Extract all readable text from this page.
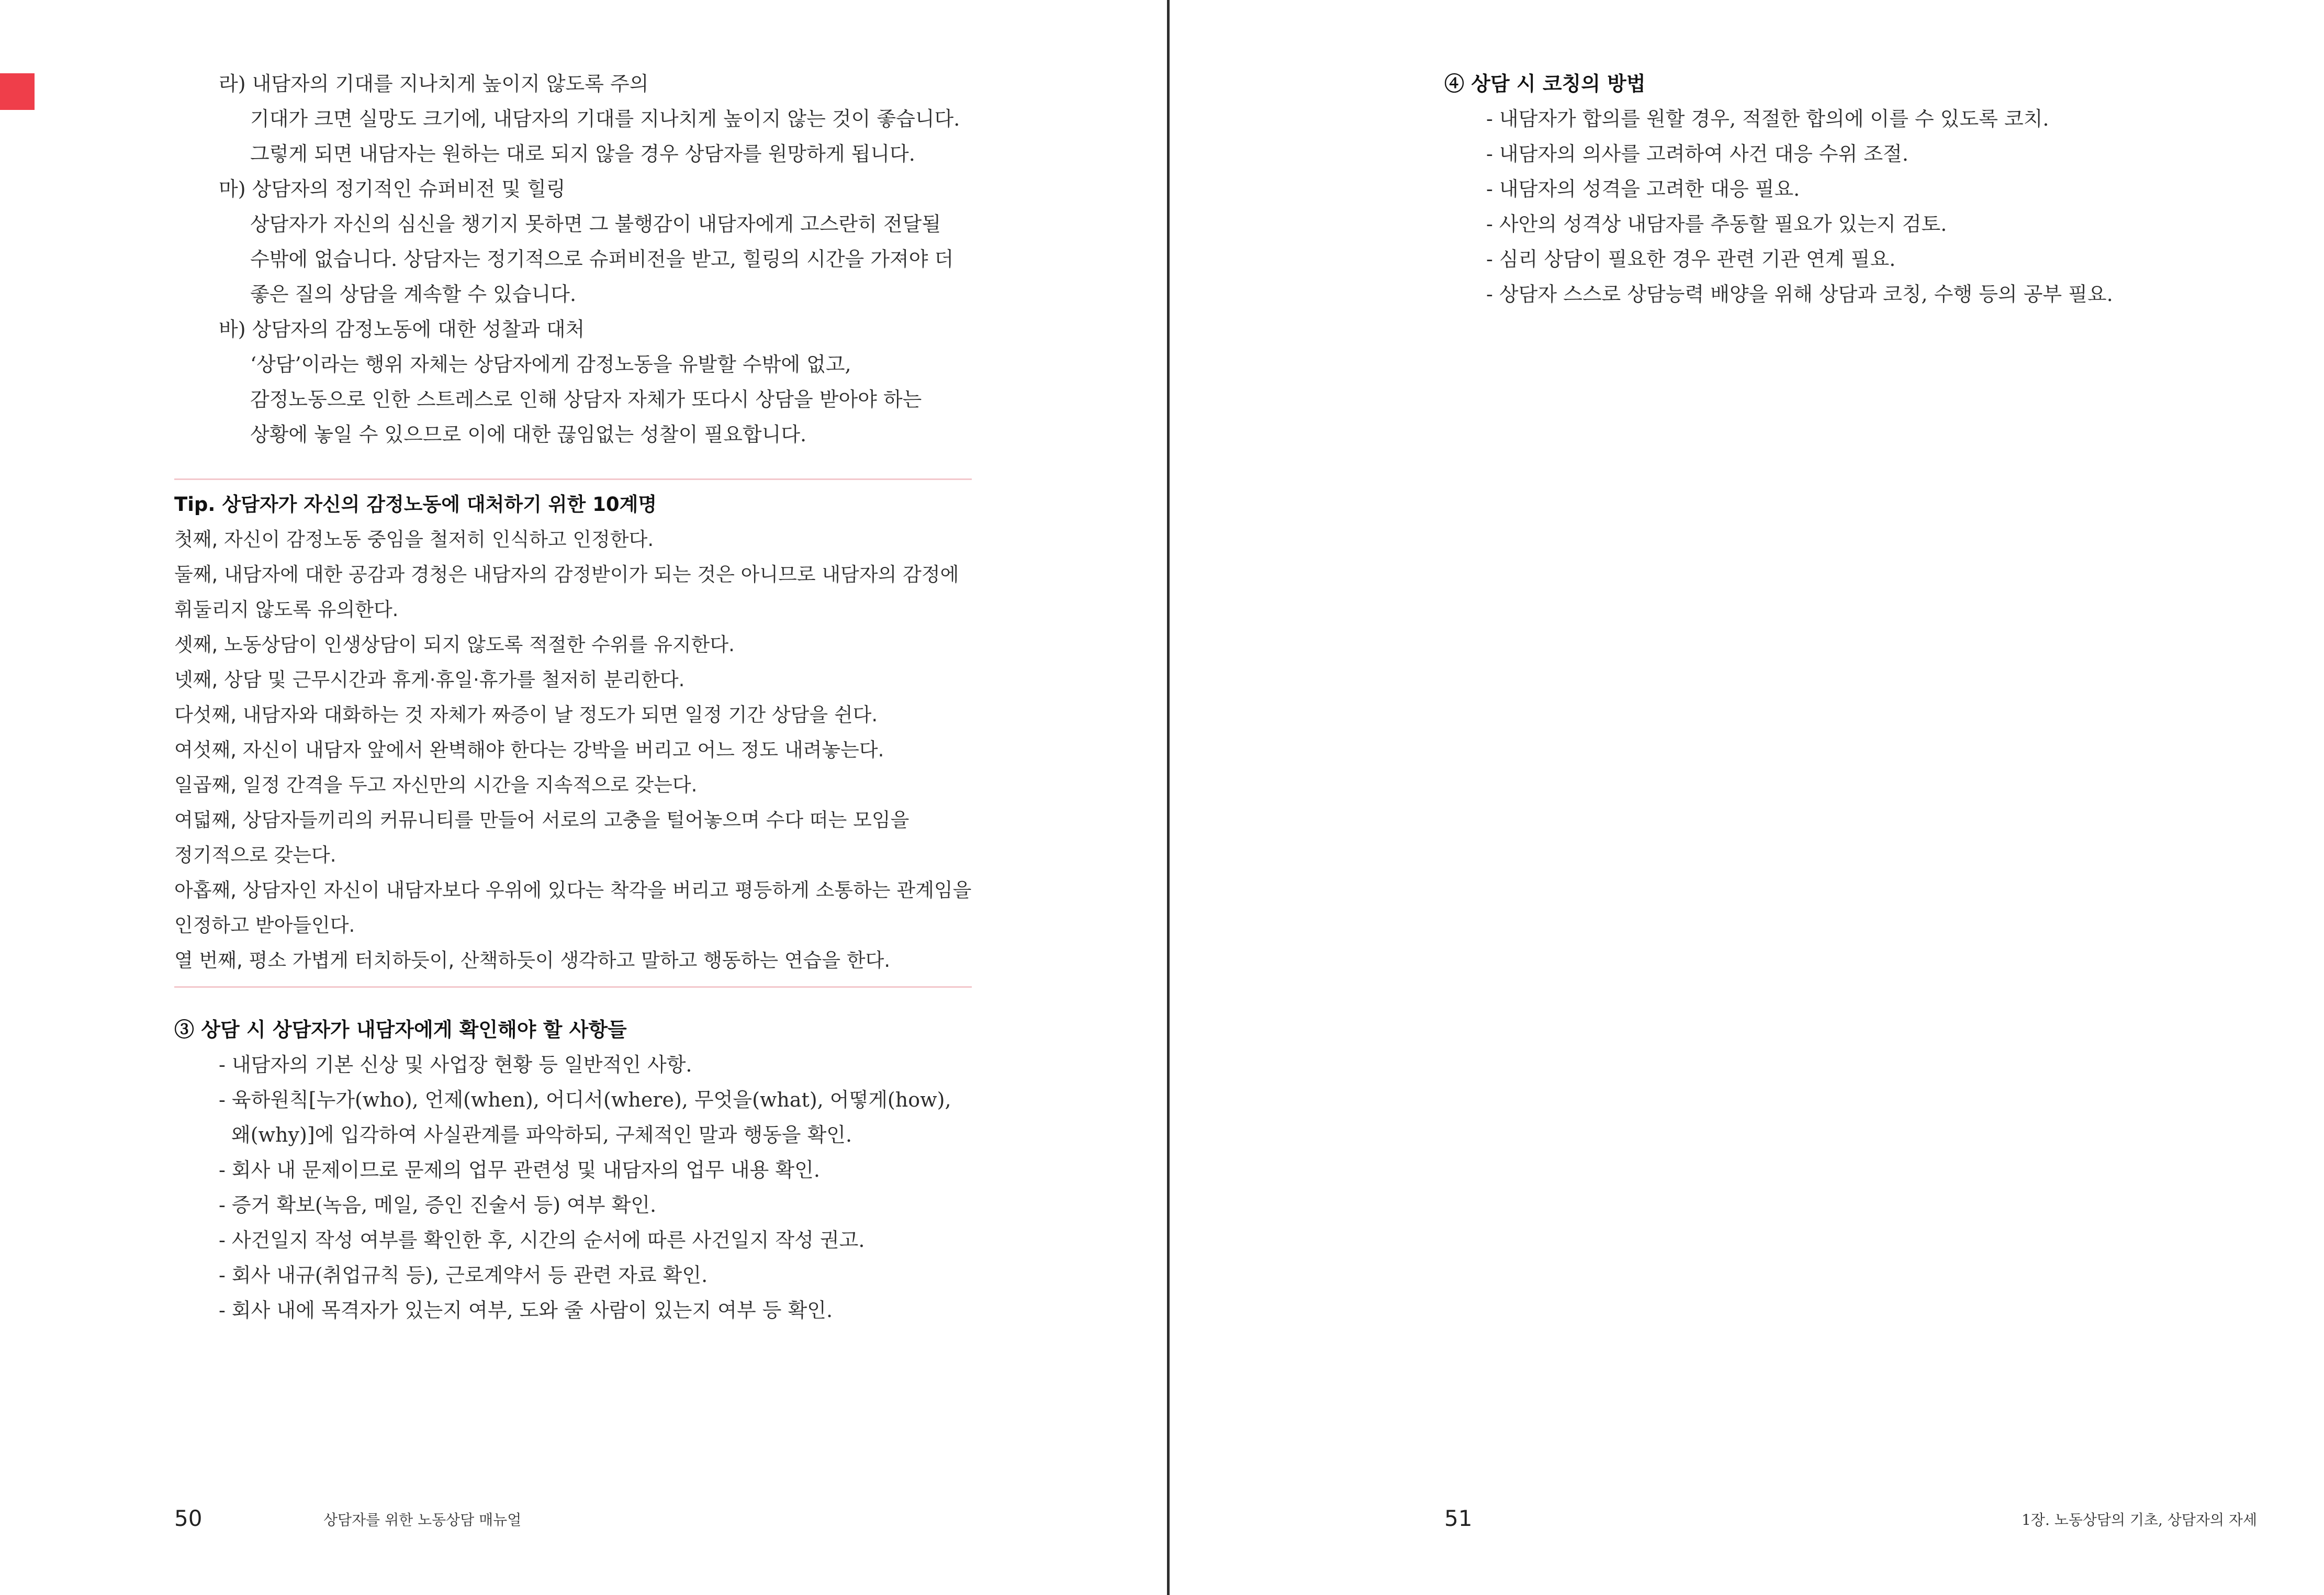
라) 내담자의 기대를 지나치게 높이지 않도록 주의
기대가 크면 실망도 크기에, 내담자의 기대를 지나치게 높이지 않는 것이 좋습니다.
그렇게 되면 내담자는 원하는 대로 되지 않을 경우 상담자를 원망하게 됩니다.
마) 상담자의 정기적인 슈퍼비전 및 힐링
상담자가 자신의 심신을 챙기지 못하면 그 불행감이 내담자에게 고스란히 전달될
수밖에 없습니다. 상담자는 정기적으로 슈퍼비전을 받고, 힐링의 시간을 가져야 더
좋은 질의 상담을 계속할 수 있습니다.
바) 상담자의 감정노동에 대한 성찰과 대처
‘상담’이라는 행위 자체는 상담자에게 감정노동을 유발할 수밖에 없고,
감정노동으로 인한 스트레스로 인해 상담자 자체가 또다시 상담을 받아야 하는
상황에 놓일 수 있으므로 이에 대한 끊임없는 성찰이 필요합니다.
Tip. 상담자가 자신의 감정노동에 대처하기 위한 10계명
첫째, 자신이 감정노동 중임을 철저히 인식하고 인정한다.
둘째, 내담자에 대한 공감과 경청은 내담자의 감정받이가 되는 것은 아니므로 내담자의 감정에
휘둘리지 않도록 유의한다.
셋째, 노동상담이 인생상담이 되지 않도록 적절한 수위를 유지한다.
넷째, 상담 및 근무시간과 휴게·휴일·휴가를 철저히 분리한다.
다섯째, 내담자와 대화하는 것 자체가 짜증이 날 정도가 되면 일정 기간 상담을 쉰다.
여섯째, 자신이 내담자 앞에서 완벽해야 한다는 강박을 버리고 어느 정도 내려놓는다.
일곱째, 일정 간격을 두고 자신만의 시간을 지속적으로 갖는다.
여덟째, 상담자들끼리의 커뮤니티를 만들어 서로의 고충을 털어놓으며 수다 떠는 모임을
정기적으로 갖는다.
아홉째, 상담자인 자신이 내담자보다 우위에 있다는 착각을 버리고 평등하게 소통하는 관계임을
인정하고 받아들인다.
열 번째, 평소 가볍게 터치하듯이, 산책하듯이 생각하고 말하고 행동하는 연습을 한다.
③ 상담 시 상담자가 내담자에게 확인해야 할 사항들
- 내담자의 기본 신상 및 사업장 현황 등 일반적인 사항.
- 육하원칙[누가(who), 언제(when), 어디서(where), 무엇을(what), 어떻게(how),
왜(why)]에 입각하여 사실관계를 파악하되, 구체적인 말과 행동을 확인.
- 회사 내 문제이므로 문제의 업무 관련성 및 내담자의 업무 내용 확인.
- 증거 확보(녹음, 메일, 증인 진술서 등) 여부 확인.
- 사건일지 작성 여부를 확인한 후, 시간의 순서에 따른 사건일지 작성 권고.
- 회사 내규(취업규칙 등), 근로계약서 등 관련 자료 확인.
- 회사 내에 목격자가 있는지 여부, 도와 줄 사람이 있는지 여부 등 확인.
50	상담자를 위한 노동상담 매뉴얼
④ 상담 시 코칭의 방법
- 내담자가 합의를 원할 경우, 적절한 합의에 이를 수 있도록 코치.
- 내담자의 의사를 고려하여 사건 대응 수위 조절.
- 내담자의 성격을 고려한 대응 필요.
- 사안의 성격상 내담자를 추동할 필요가 있는지 검토.
- 심리 상담이 필요한 경우 관련 기관 연계 필요.
- 상담자 스스로 상담능력 배양을 위해 상담과 코칭, 수행 등의 공부 필요.
51	1장. 노동상담의 기초, 상담자의 자세
